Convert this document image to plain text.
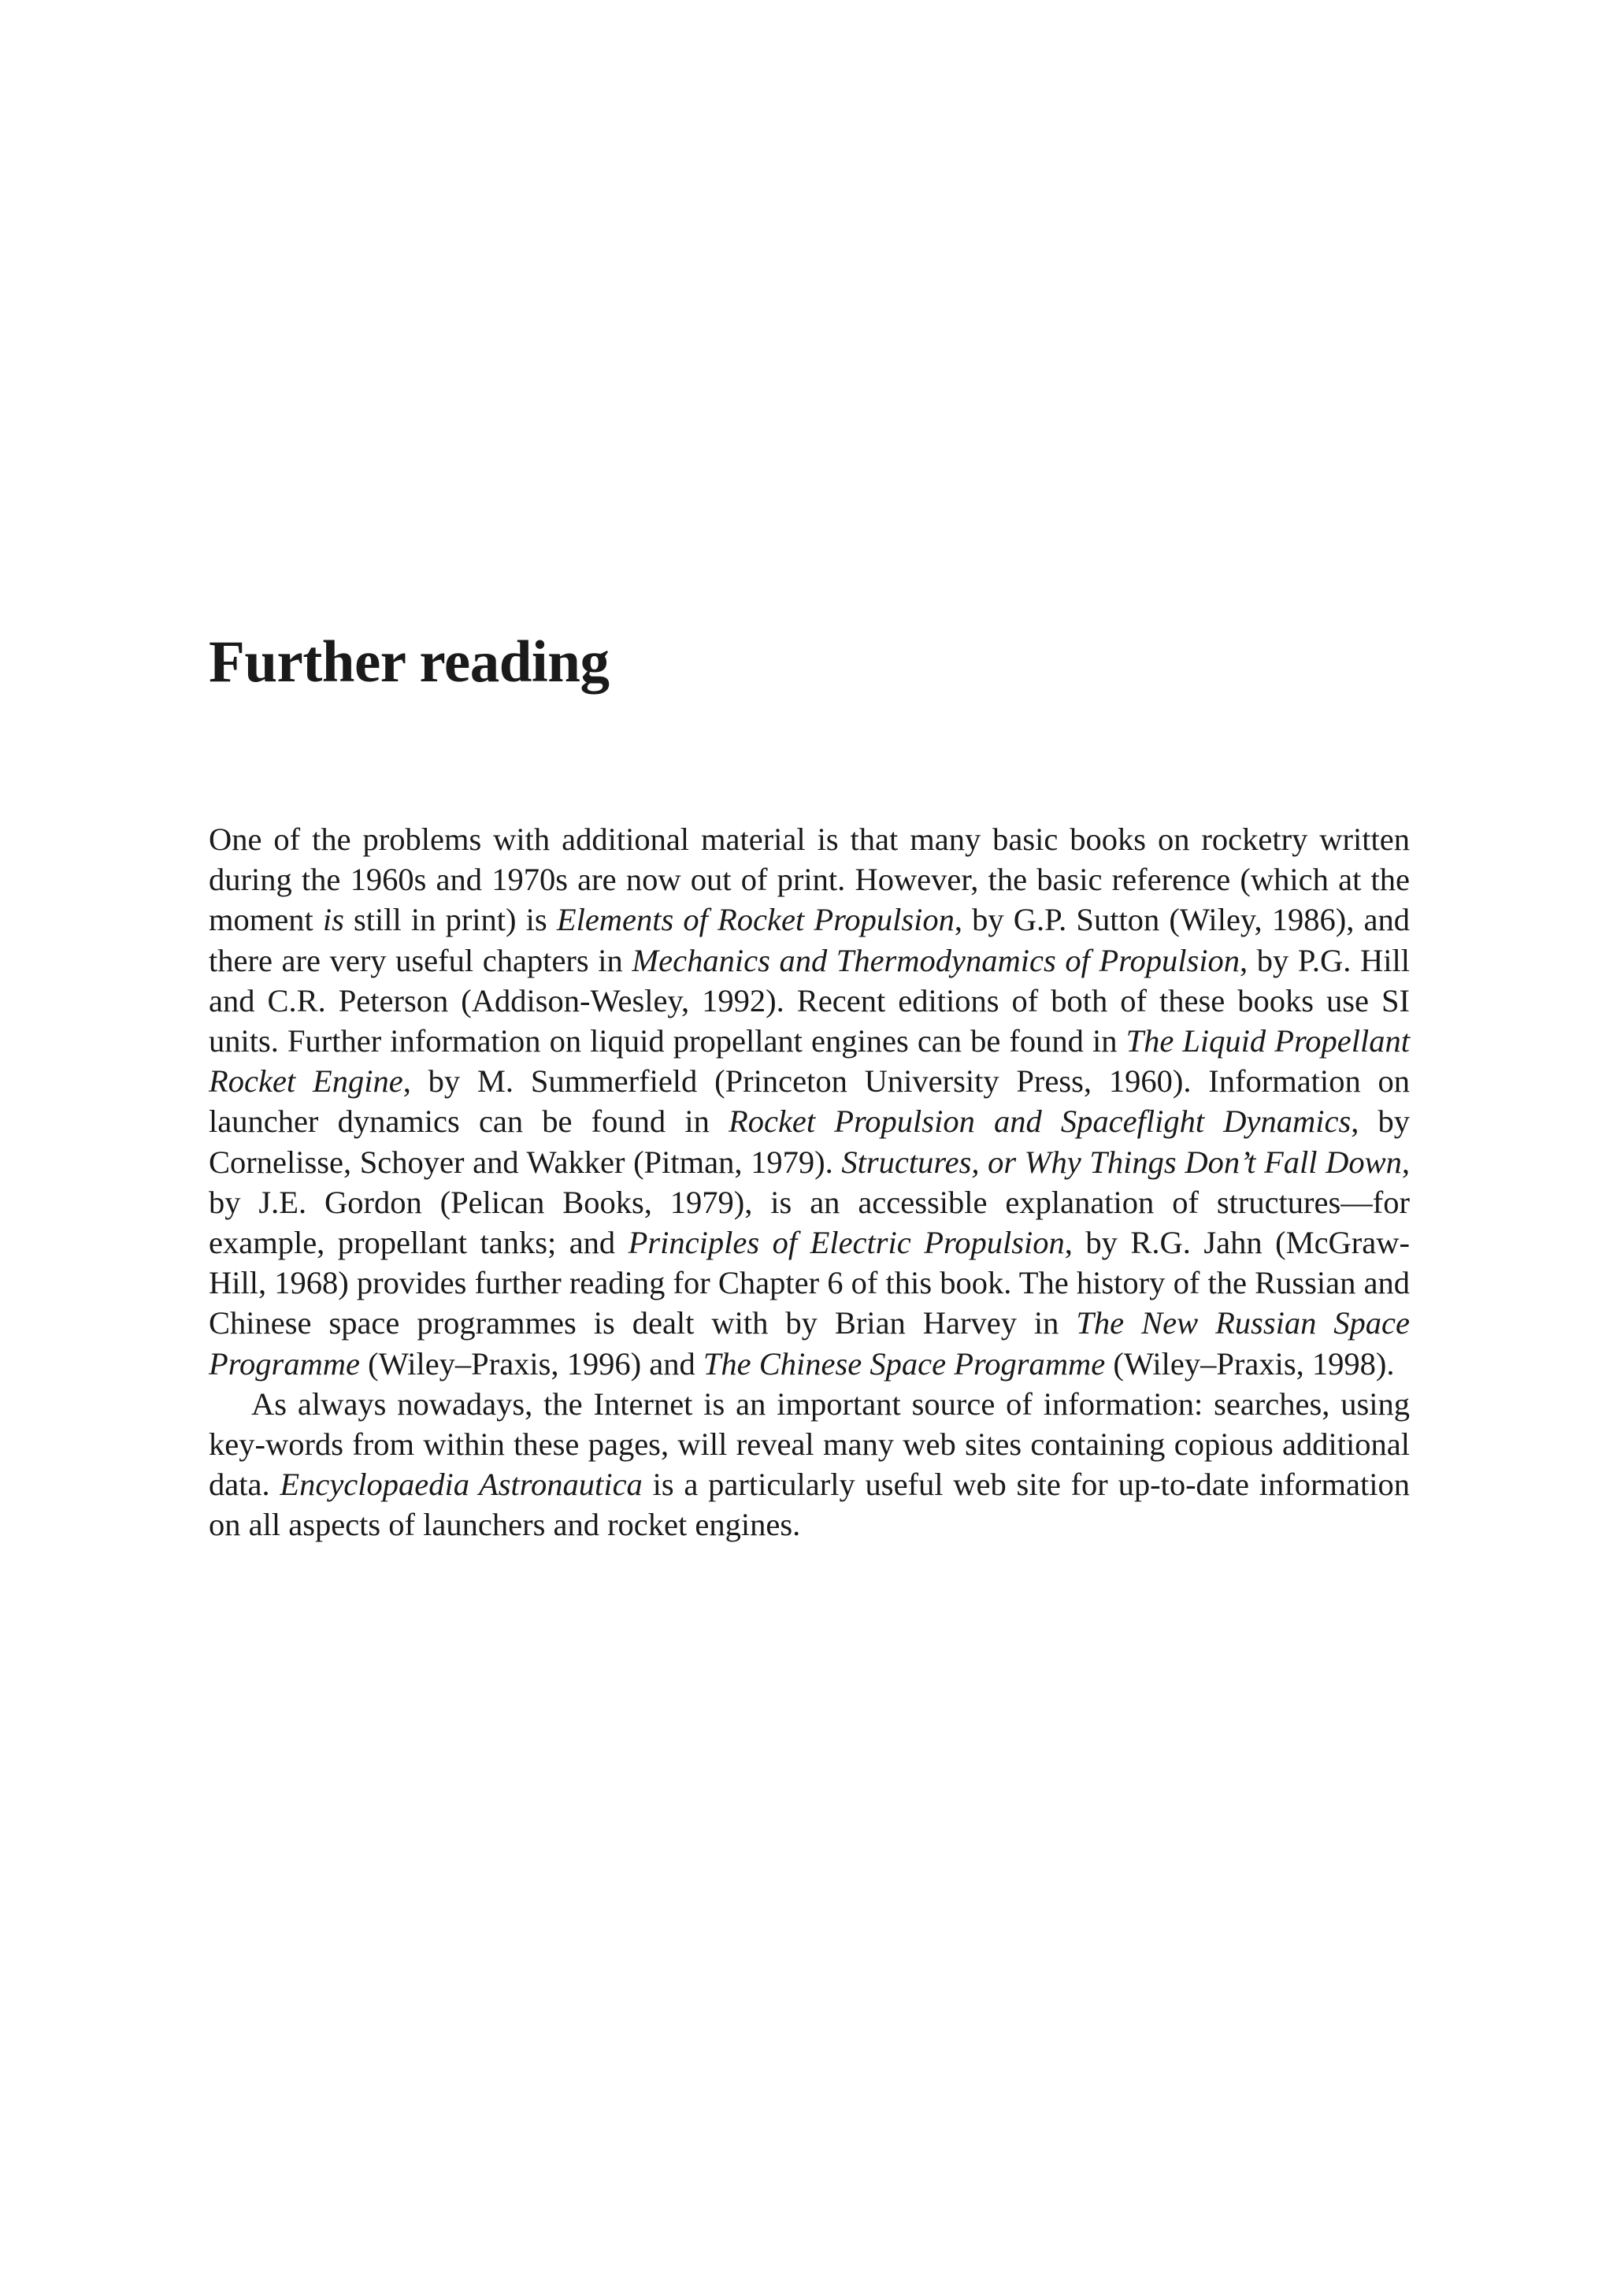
Further reading

One of the problems with additional material is that many basic books on rocketry written during the 1960s and 1970s are now out of print. However, the basic reference (which at the moment is still in print) is Elements of Rocket Propulsion, by G.P. Sutton (Wiley, 1986), and there are very useful chapters in Mechanics and Thermodynamics of Propulsion, by P.G. Hill and C.R. Peterson (Addison-Wesley, 1992). Recent editions of both of these books use SI units. Further information on liquid propellant engines can be found in The Liquid Propellant Rocket Engine, by M. Summerfield (Princeton University Press, 1960). Information on launcher dynamics can be found in Rocket Propulsion and Spaceflight Dynamics, by Cornelisse, Schoyer and Wakker (Pitman, 1979). Structures, or Why Things Don’t Fall Down, by J.E. Gordon (Pelican Books, 1979), is an accessible explanation of structures—for example, propellant tanks; and Principles of Electric Propulsion, by R.G. Jahn (McGraw-Hill, 1968) provides further reading for Chapter 6 of this book. The history of the Russian and Chinese space programmes is dealt with by Brian Harvey in The New Russian Space Programme (Wiley–Praxis, 1996) and The Chinese Space Programme (Wiley–Praxis, 1998).

As always nowadays, the Internet is an important source of information: searches, using key-words from within these pages, will reveal many web sites containing copious additional data. Encyclopaedia Astronautica is a particularly useful web site for up-to-date information on all aspects of launchers and rocket engines.
